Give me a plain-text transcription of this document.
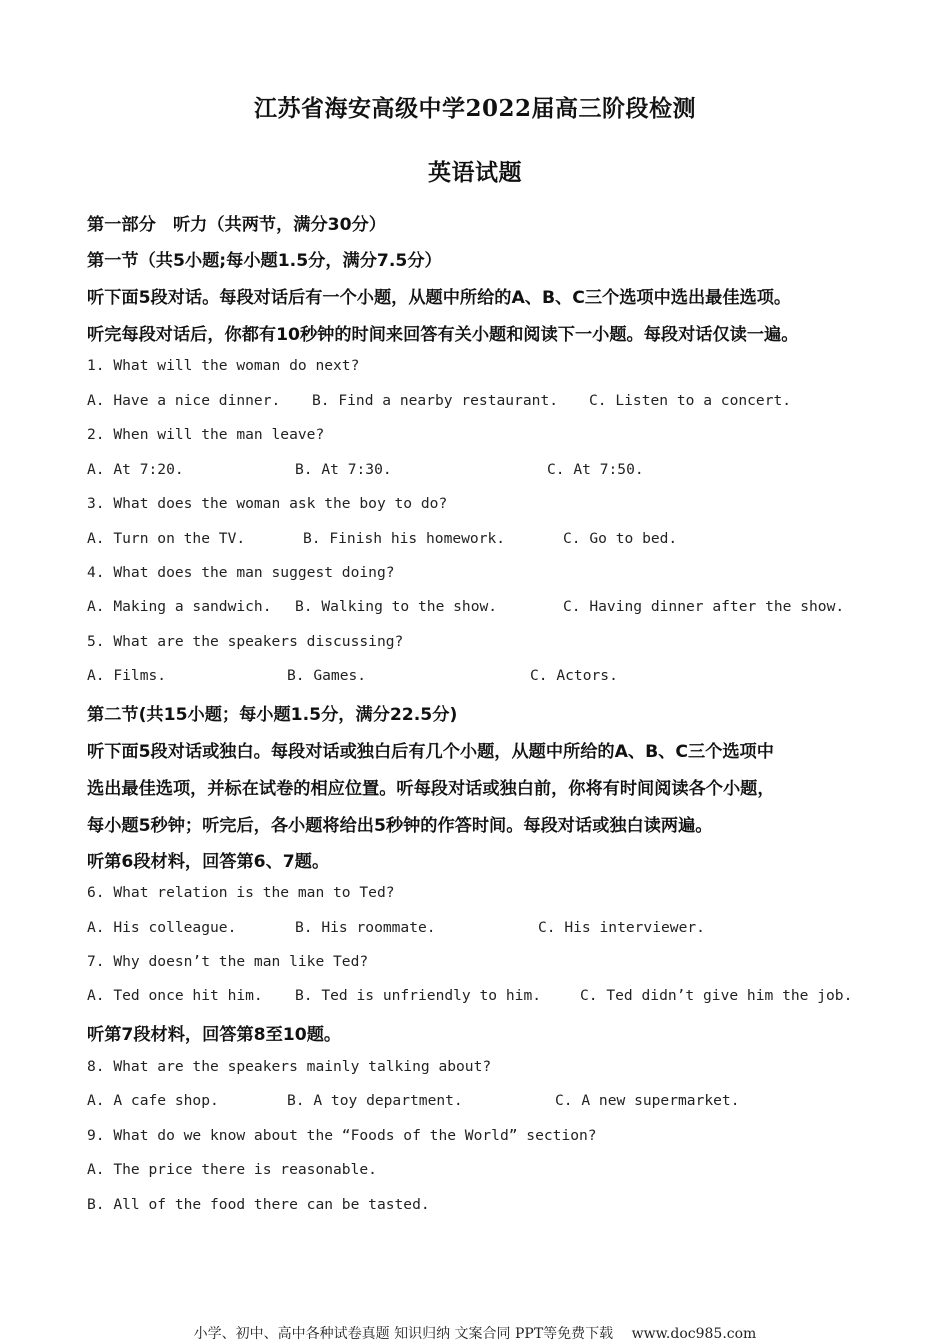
江苏省海安高级中学2022届高三阶段检测
英语试题
第一部分　听力（共两节，满分30分）
第一节（共5小题;每小题1.5分，满分7.5分）
听下面5段对话。每段对话后有一个小题，从题中所给的A、B、C三个选项中选出最佳选项。
听完每段对话后，你都有10秒钟的时间来回答有关小题和阅读下一小题。每段对话仅读一遍。
1. What will the woman do next?
A. Have a nice dinner. B. Find a nearby restaurant. C. Listen to a concert.
2. When will the man leave?
A. At 7:20.	B. At 7:30.	C. At 7:50.
3. What does the woman ask the boy to do?
A. Turn on the TV.	B. Finish his homework.	C. Go to bed.
4. What does the man suggest doing?
A. Making a sandwich. B. Walking to the show.	C. Having dinner after the show.
5. What are the speakers discussing?
A. Films.	B. Games.	C. Actors.
第二节(共15小题；每小题1.5分，满分22.5分)
听下面5段对话或独白。每段对话或独白后有几个小题，从题中所给的A、B、C三个选项中
选出最佳选项，并标在试卷的相应位置。听每段对话或独白前，你将有时间阅读各个小题，
每小题5秒钟；听完后，各小题将给出5秒钟的作答时间。每段对话或独白读两遍。
听第6段材料，回答第6、7题。
6. What relation is the man to Ted?
A. His colleague.	B. His roommate.	C. His interviewer.
7. Why doesn’t the man like Ted?
A. Ted once hit him. B. Ted is unfriendly to him.	C. Ted didn’t give him the job.
听第7段材料，回答第8至10题。
8. What are the speakers mainly talking about?
A. A cafe shop.	B. A toy department.	C. A new supermarket.
9. What do we know about the “Foods of the World” section?
A. The price there is reasonable.
B. All of the food there can be tasted.
小学、初中、高中各种试卷真题 知识归纳 文案合同 PPT等免费下载　 www.doc985.com
